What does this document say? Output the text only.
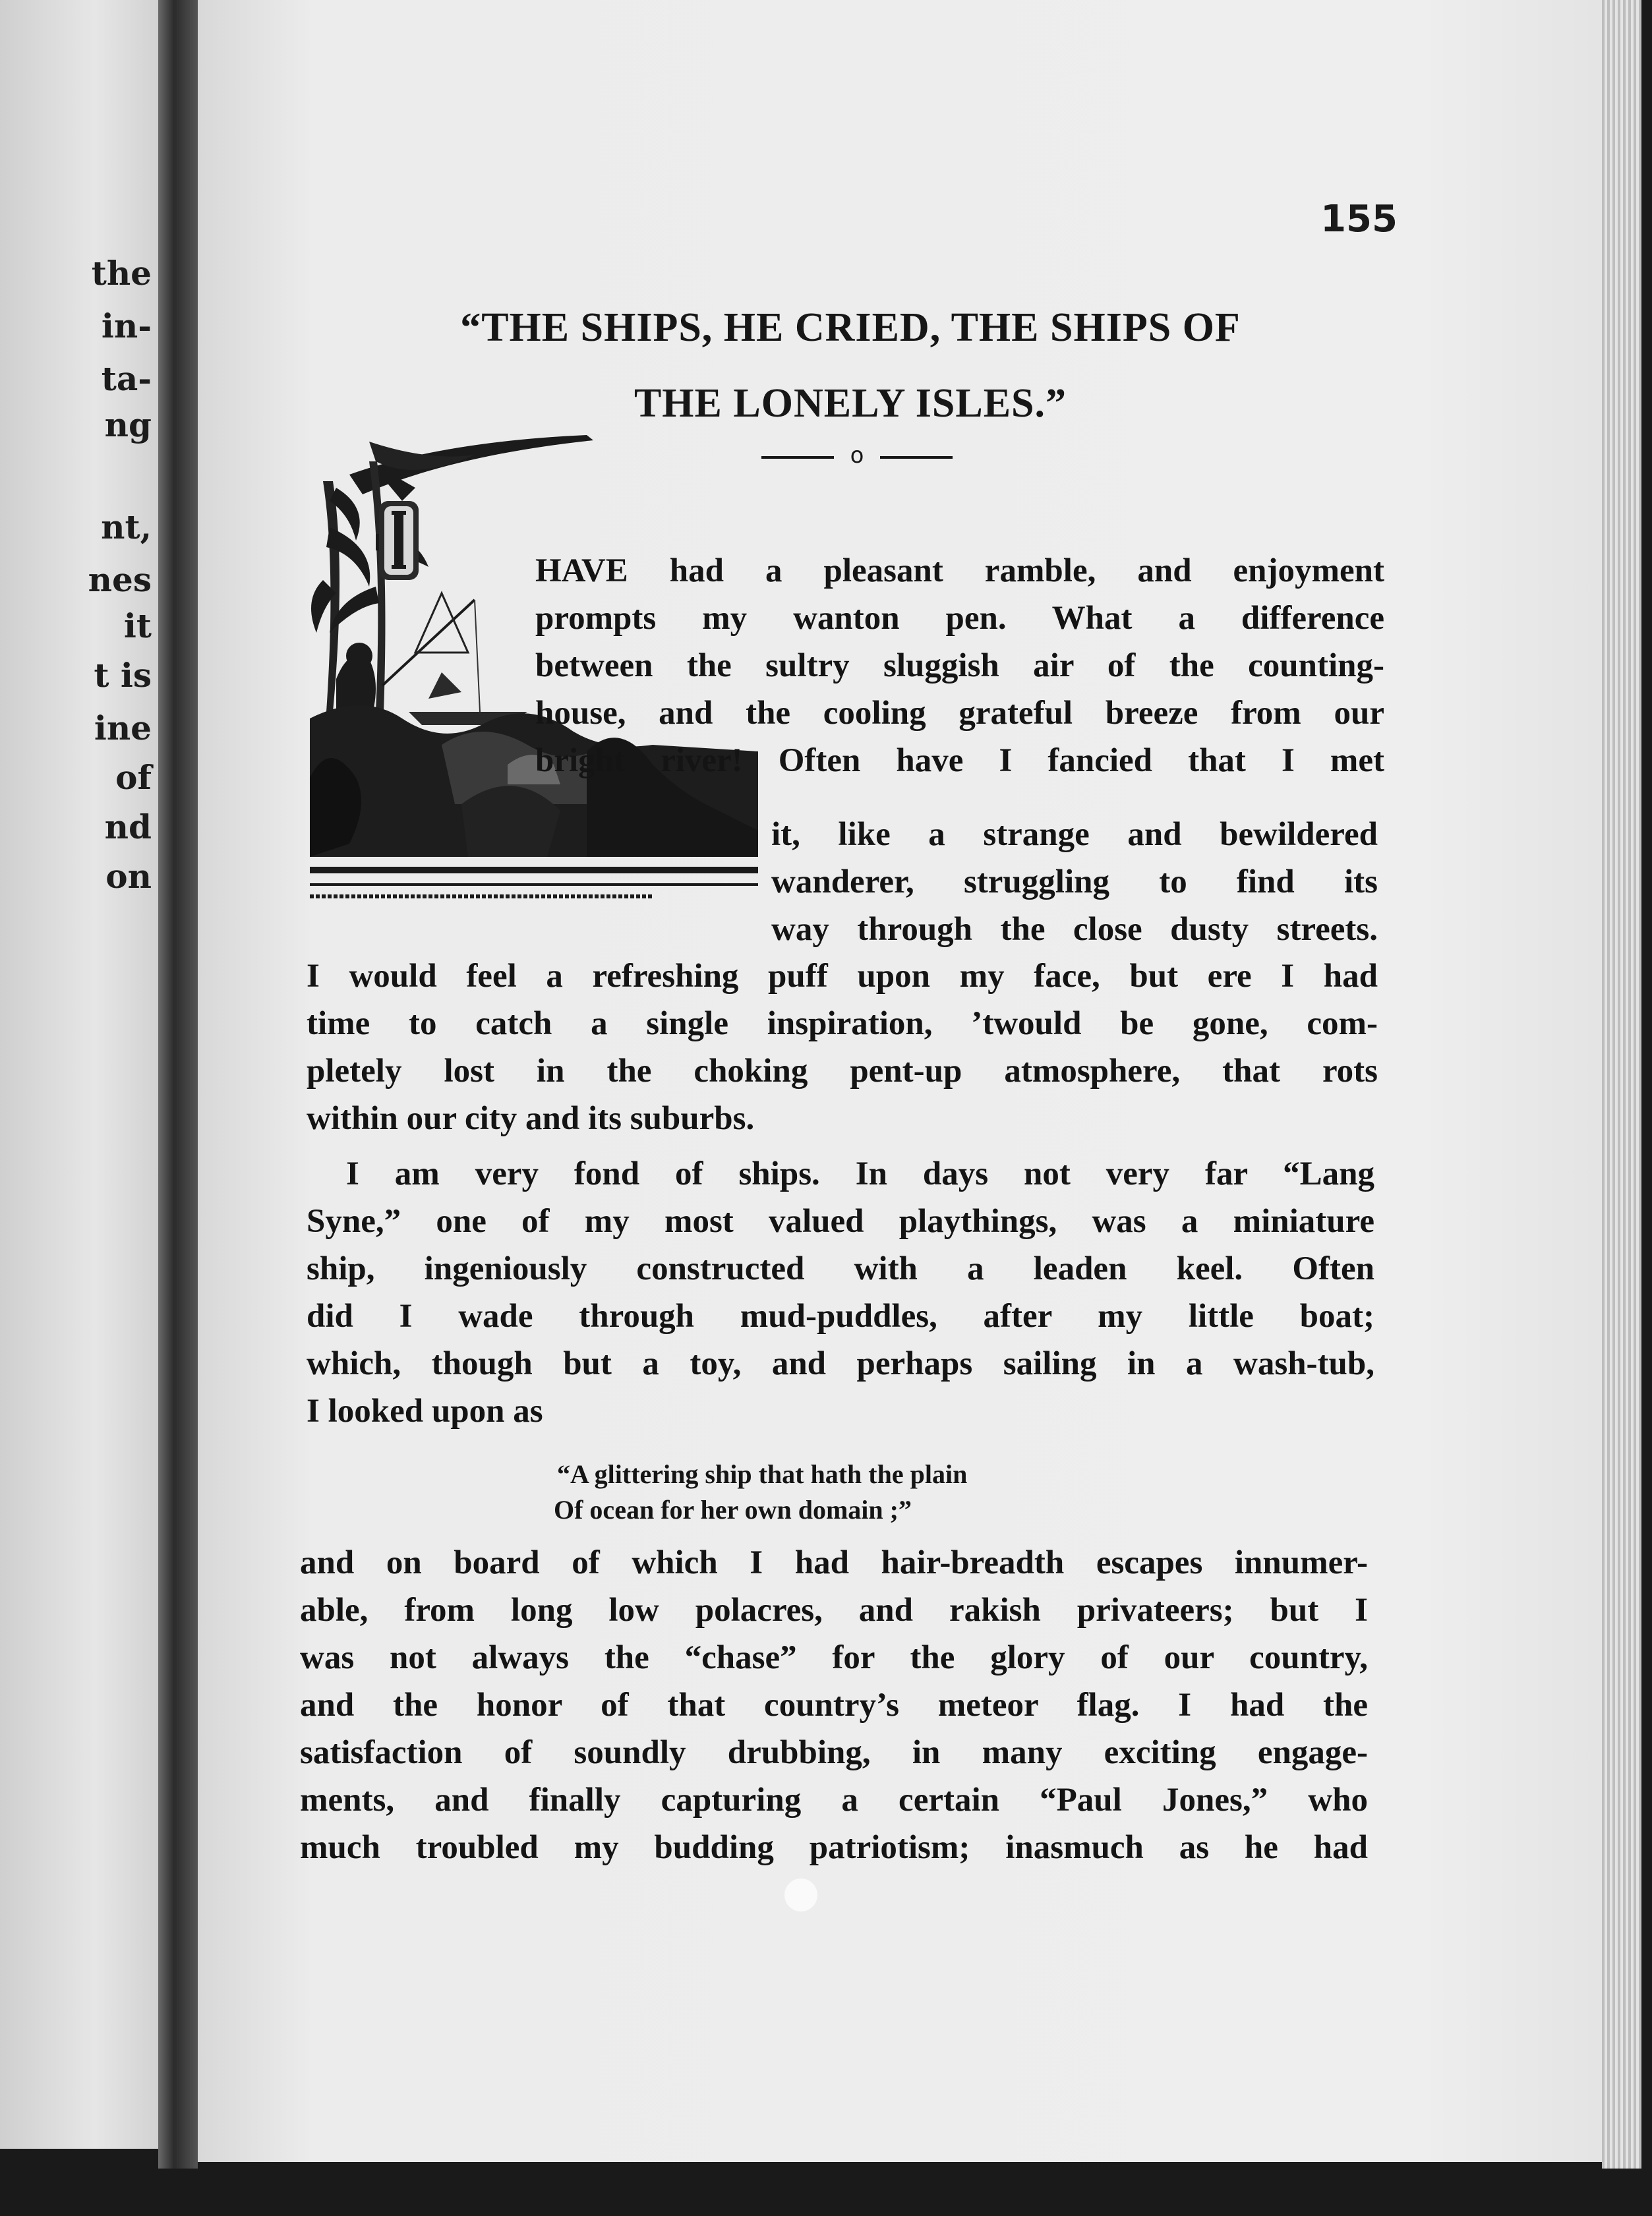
the
in-
ta-
ng
nt,
nes
it
t is
ine
of
nd
on
155
“THE SHIPS, HE CRIED, THE SHIPS OF
THE LONELY ISLES.”
o
HAVE had a pleasant ramble, and enjoyment
prompts my wanton pen. What a difference
between the sultry sluggish air of the counting-
house, and the cooling grateful breeze from our
bright river! Often have I fancied that I met
it, like a strange and bewildered
wanderer, struggling to find its
way through the close dusty streets.
I would feel a refreshing puff upon my face, but ere I had
time to catch a single inspiration, ’twould be gone, com-
pletely lost in the choking pent-up atmosphere, that rots
within our city and its suburbs.
I am very fond of ships. In days not very far “Lang
Syne,” one of my most valued playthings, was a miniature
ship, ingeniously constructed with a leaden keel. Often
did I wade through mud-puddles, after my little boat;
which, though but a toy, and perhaps sailing in a wash-tub,
I looked upon as
“A glittering ship that hath the plain
Of ocean for her own domain ;”
and on board of which I had hair-breadth escapes innumer-
able, from long low polacres, and rakish privateers; but I
was not always the “chase” for the glory of our country,
and the honor of that country’s meteor flag. I had the
satisfaction of soundly drubbing, in many exciting engage-
ments, and finally capturing a certain “Paul Jones,” who
much troubled my budding patriotism; inasmuch as he had
